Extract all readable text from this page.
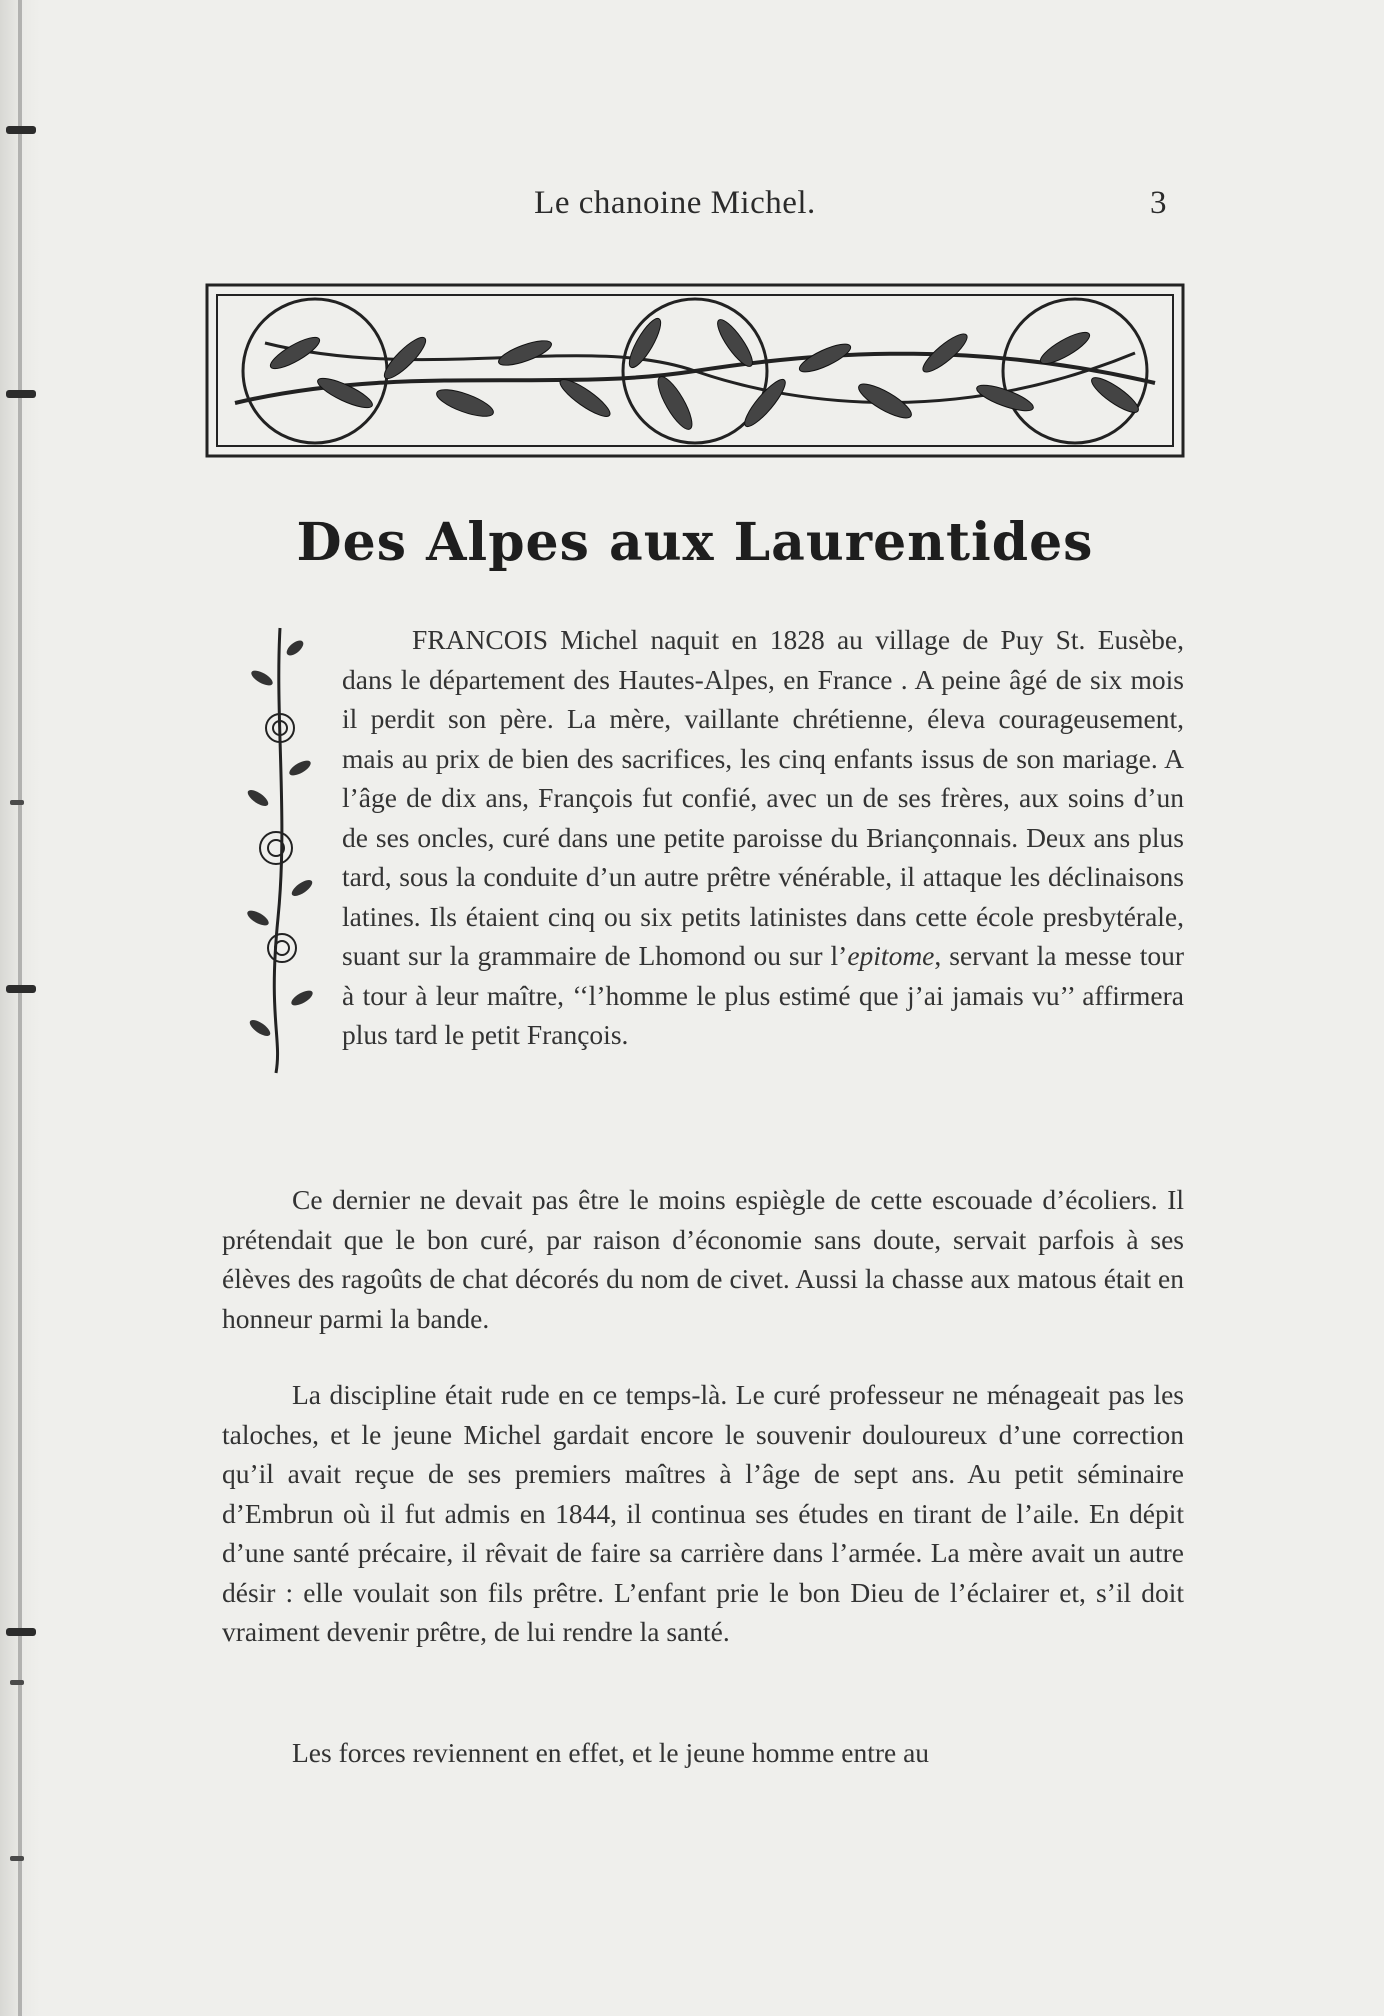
Le chanoine Michel.	3
Des Alpes aux Laurentides
FRANCOIS Michel naquit en 1828 au village de Puy St. Eusèbe, dans le département des Hautes-Alpes, en France . A peine âgé de six mois il perdit son père. La mère, vaillante chrétienne, éleva courageusement, mais au prix de bien des sacrifices, les cinq enfants issus de son mariage. A l’âge de dix ans, François fut confié, avec un de ses frères, aux soins d’un de ses oncles, curé dans une petite paroisse du Briançonnais. Deux ans plus tard, sous la conduite d’un autre prêtre vénérable, il attaque les déclinaisons latines. Ils étaient cinq ou six petits latinistes dans cette école presbytérale, suant sur la grammaire de Lhomond ou sur l’epitome, servant la messe tour à tour à leur maître, ‘‘l’homme le plus estimé que j’ai jamais vu’’ affirmera plus tard le petit François.
Ce dernier ne devait pas être le moins espiègle de cette escouade d’écoliers. Il prétendait que le bon curé, par raison d’économie sans doute, servait parfois à ses élèves des ragoûts de chat décorés du nom de civet. Aussi la chasse aux matous était en honneur parmi la bande.
La discipline était rude en ce temps-là. Le curé professeur ne ménageait pas les taloches, et le jeune Michel gardait encore le souvenir douloureux d’une correction qu’il avait reçue de ses premiers maîtres à l’âge de sept ans. Au petit séminaire d’Embrun où il fut admis en 1844, il continua ses études en tirant de l’aile. En dépit d’une santé précaire, il rêvait de faire sa carrière dans l’armée. La mère avait un autre désir : elle voulait son fils prêtre. L’enfant prie le bon Dieu de l’éclairer et, s’il doit vraiment devenir prêtre, de lui rendre la santé.
Les forces reviennent en effet, et le jeune homme entre au
